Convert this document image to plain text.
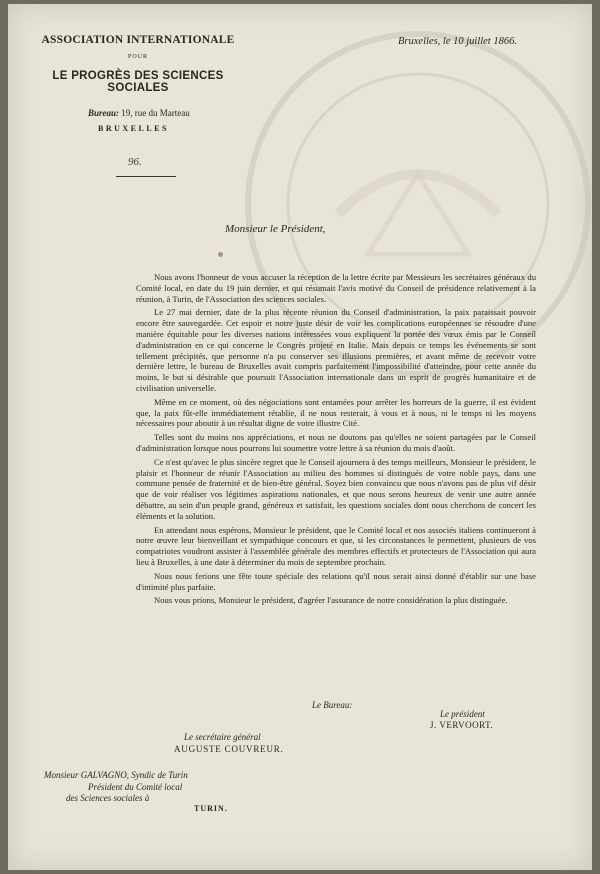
ASSOCIATION INTERNATIONALE
POUR
LE PROGRÈS DES SCIENCES SOCIALES
Bureau: 19, rue du Marteau
BRUXELLES
96.
Bruxelles, le 10 juillet 1866.
Monsieur le Président,

Nous avons l'honneur de vous accuser la réception de la lettre écrite par Messieurs les secrétaires généraux du Comité local, en date du 19 juin dernier, et qui résumait l'avis motivé du Conseil de présidence relativement à la réunion, à Turin, de l'Association des sciences sociales.

Le 27 mai dernier, date de la plus récente réunion du Conseil d'administration, la paix paraissait pouvoir encore être sauvegardée. Cet espoir et notre juste désir de voir les complications européennes se résoudre d'une manière équitable pour les diverses nations intéressées vous expliquent la portée des vœux émis par le Conseil d'administration en ce qui concerne le Congrès projeté en Italie. Mais depuis ce temps les événements se sont tellement précipités, que personne n'a pu conserver ses illusions premières, et avant même de recevoir votre dernière lettre, le bureau de Bruxelles avait compris parfaitement l'impossibilité d'atteindre, pour cette année du moins, le but si désirable que poursuit l'Association internationale dans un esprit de progrès humanitaire et de civilisation universelle.

Même en ce moment, où des négociations sont entamées pour arrêter les horreurs de la guerre, il est évident que, la paix fût-elle immédiatement rétablie, il ne nous resterait, à vous et à nous, ni le temps ni les moyens nécessaires pour aboutir à un résultat digne de votre illustre Cité.

Telles sont du moins nos appréciations, et nous ne doutons pas qu'elles ne soient partagées par le Conseil d'administration lorsque nous pourrons lui soumettre votre lettre à sa réunion du mois d'août.

Ce n'est qu'avec le plus sincère regret que le Conseil ajournera à des temps meilleurs, Monsieur le président, le plaisir et l'honneur de réunir l'Association au milieu des hommes si distingués de votre noble pays, dans une commune pensée de fraternité et de bien-être général. Soyez bien convaincu que nous n'avons pas de plus vif désir que de voir réaliser vos légitimes aspirations nationales, et que nous serons heureux de venir une autre année débattre, au sein d'un peuple grand, généreux et satisfait, les questions sociales dont nous cherchons de concert les éléments et la solution.

En attendant nous espérons, Monsieur le président, que le Comité local et nos associés italiens continueront à notre œuvre leur bienveillant et sympathique concours et que, si les circonstances le permettent, plusieurs de vos compatriotes voudront assister à l'assemblée générale des membres effectifs et protecteurs de l'Association qui aura lieu à Bruxelles, à une date à déterminer du mois de septembre prochain.

Nous nous ferions une fête toute spéciale des relations qu'il nous serait ainsi donné d'établir sur une base d'intimité plus parfaite.

Nous vous prions, Monsieur le président, d'agréer l'assurance de notre considération la plus distinguée.

Le Bureau:
Le président
J. VERVOORT.
Le secrétaire général
AUGUSTE COUVREUR.
Monsieur GALVAGNO, Syndic de Turin
Président du Comité local
des Sciences sociales à
TURIN.
